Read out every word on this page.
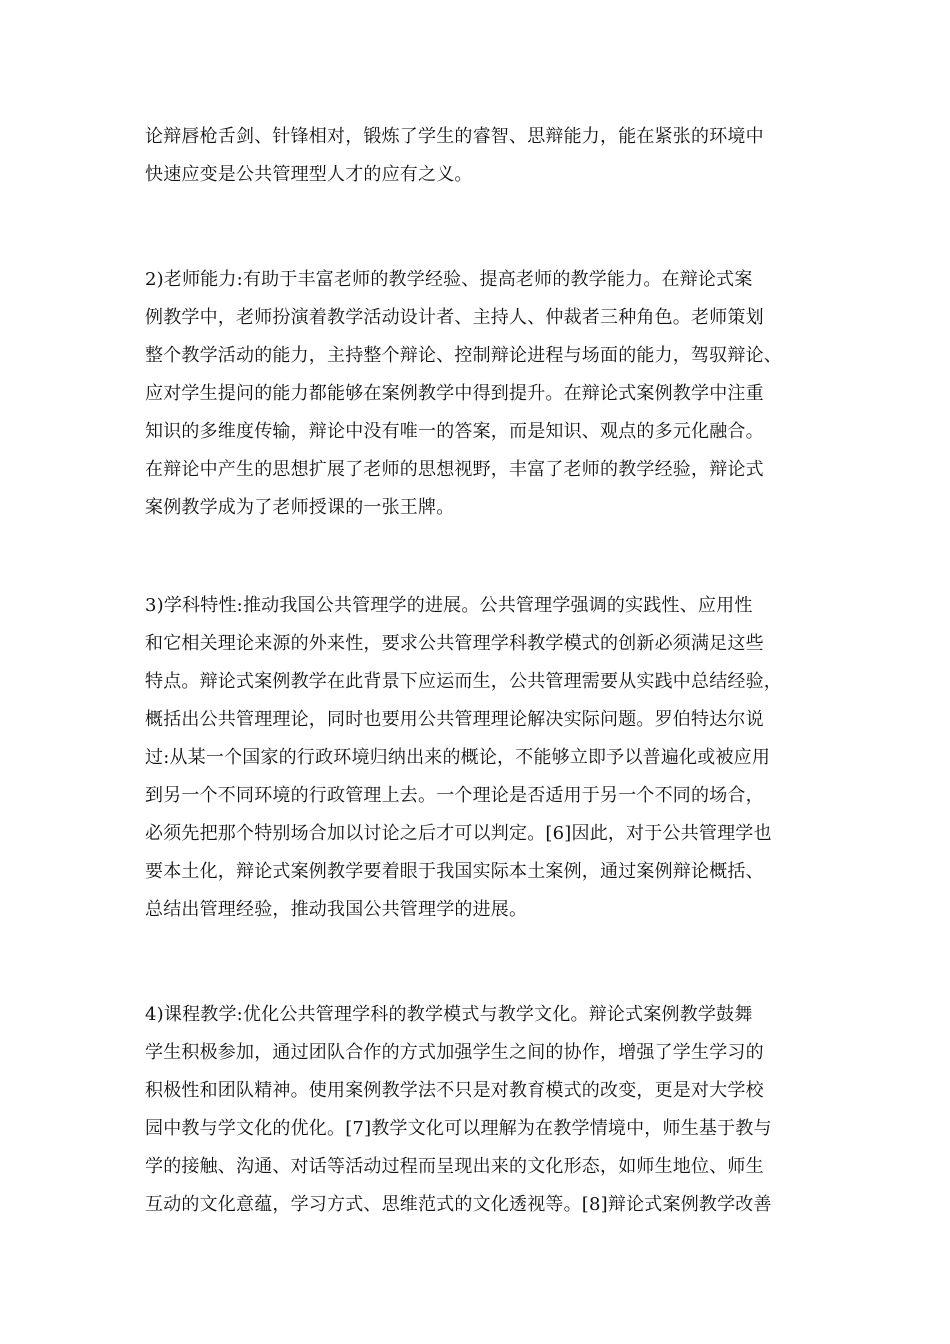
论辩唇枪舌剑、针锋相对，锻炼了学生的睿智、思辩能力，能在紧张的环境中
快速应变是公共管理型人才的应有之义。
2)老师能力:有助于丰富老师的教学经验、提高老师的教学能力。在辩论式案
例教学中，老师扮演着教学活动设计者、主持人、仲裁者三种角色。老师策划
整个教学活动的能力，主持整个辩论、控制辩论进程与场面的能力，驾驭辩论、
应对学生提问的能力都能够在案例教学中得到提升。在辩论式案例教学中注重
知识的多维度传输，辩论中没有唯一的答案，而是知识、观点的多元化融合。
在辩论中产生的思想扩展了老师的思想视野，丰富了老师的教学经验，辩论式
案例教学成为了老师授课的一张王牌。
3)学科特性:推动我国公共管理学的进展。公共管理学强调的实践性、应用性
和它相关理论来源的外来性，要求公共管理学科教学模式的创新必须满足这些
特点。辩论式案例教学在此背景下应运而生，公共管理需要从实践中总结经验，
概括出公共管理理论，同时也要用公共管理理论解决实际问题。罗伯特达尔说
过:从某一个国家的行政环境归纳出来的概论，不能够立即予以普遍化或被应用
到另一个不同环境的行政管理上去。一个理论是否适用于另一个不同的场合，
必须先把那个特别场合加以讨论之后才可以判定。[6]因此，对于公共管理学也
要本土化，辩论式案例教学要着眼于我国实际本土案例，通过案例辩论概括、
总结出管理经验，推动我国公共管理学的进展。
4)课程教学:优化公共管理学科的教学模式与教学文化。辩论式案例教学鼓舞
学生积极参加，通过团队合作的方式加强学生之间的协作，增强了学生学习的
积极性和团队精神。使用案例教学法不只是对教育模式的改变，更是对大学校
园中教与学文化的优化。[7]教学文化可以理解为在教学情境中，师生基于教与
学的接触、沟通、对话等活动过程而呈现出来的文化形态，如师生地位、师生
互动的文化意蕴，学习方式、思维范式的文化透视等。[8]辩论式案例教学改善
